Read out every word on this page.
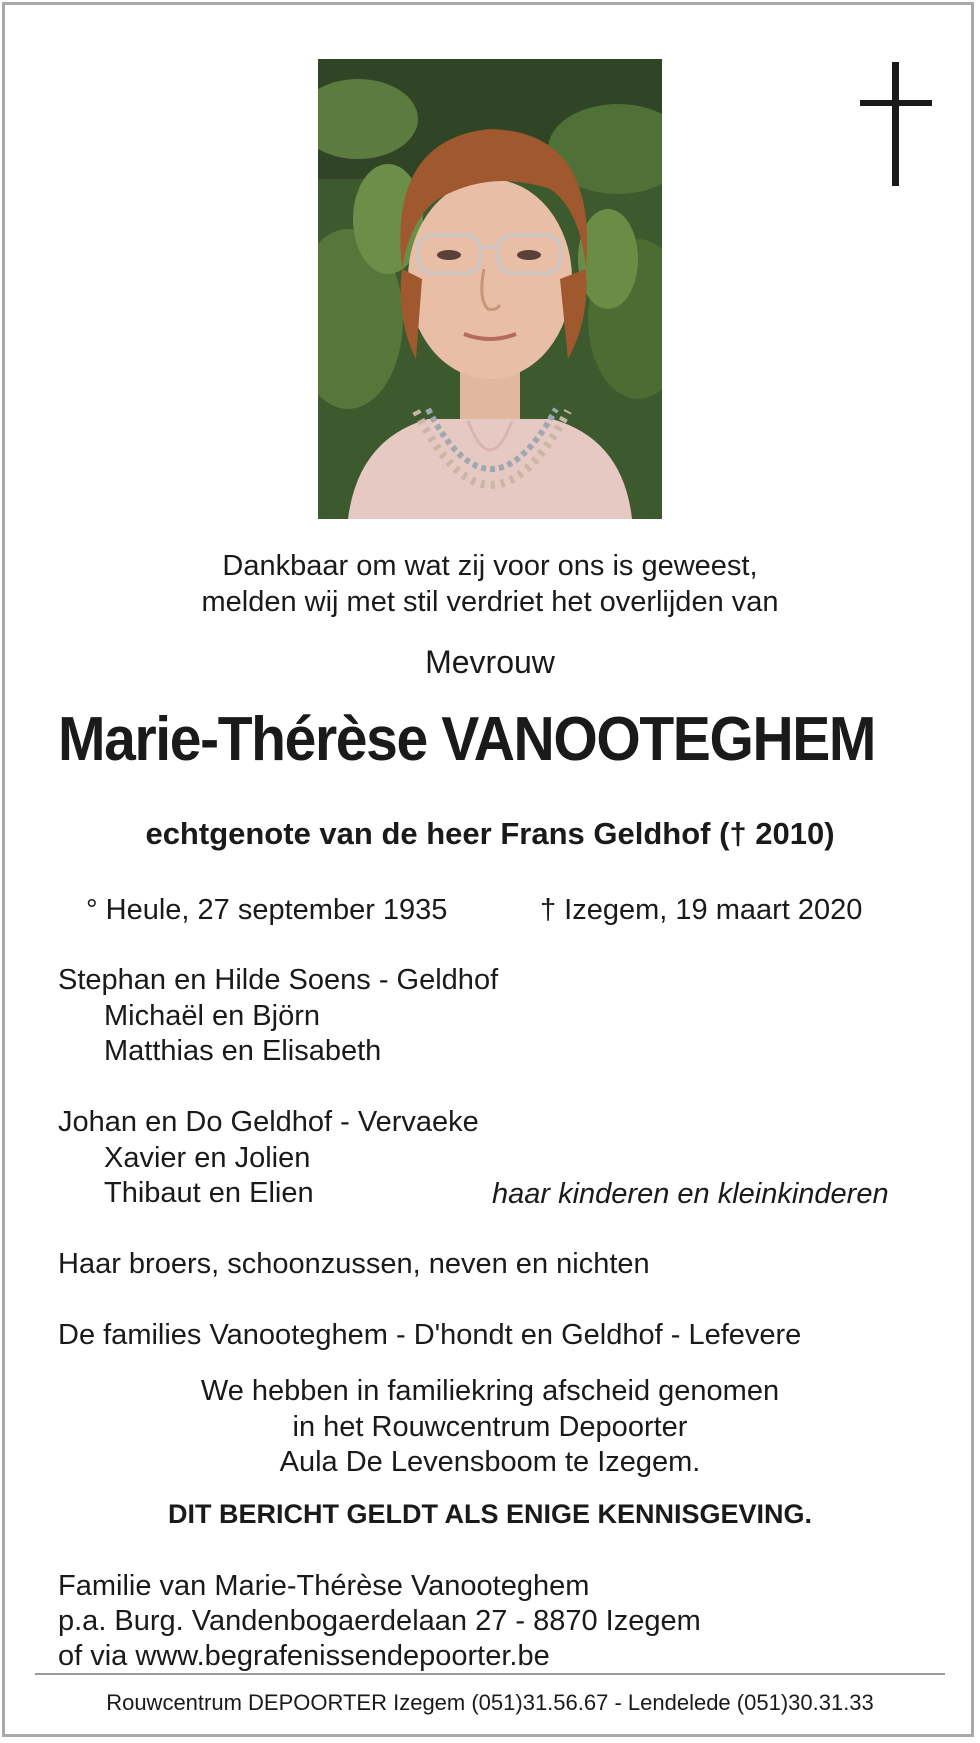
Dankbaar om wat zij voor ons is geweest,
melden wij met stil verdriet het overlijden van
Mevrouw
Marie-Thérèse VANOOTEGHEM
echtgenote van de heer Frans Geldhof († 2010)
° Heule, 27 september 1935	† Izegem, 19 maart 2020
Stephan en Hilde Soens - Geldhof
Michaël en Björn
Matthias en Elisabeth
Johan en Do Geldhof - Vervaeke
Xavier en Jolien
Thibaut en Elien	haar kinderen en kleinkinderen
Haar broers, schoonzussen, neven en nichten
De families Vanooteghem - D'hondt en Geldhof - Lefevere
We hebben in familiekring afscheid genomen
in het Rouwcentrum Depoorter
Aula De Levensboom te Izegem.
DIT BERICHT GELDT ALS ENIGE KENNISGEVING.
Familie van Marie-Thérèse Vanooteghem
p.a. Burg. Vandenbogaerdelaan 27 - 8870 Izegem
of via www.begrafenissendepoorter.be
Rouwcentrum DEPOORTER Izegem (051)31.56.67 - Lendelede (051)30.31.33
